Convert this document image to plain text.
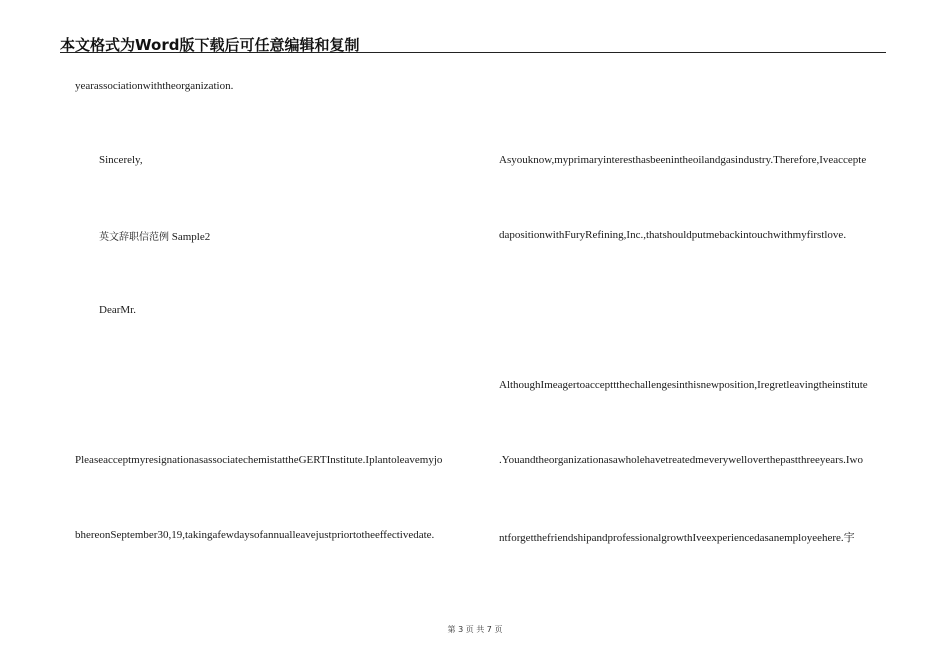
本文格式为Word版下载后可任意编辑和复制
yearassociationwiththeorganization.
Sincerely,
英文辞职信范例 Sample2
DearMr.
PleaseacceptmyresignationasassociatechemistattheGERTInstitute.Iplantoleavemyjo
bhereonSeptember30,19,takingafewdaysofannualleavejustpriortotheeffectivedate.
Asyouknow,myprimaryinteresthasbeenintheoilandgasindustry.Therefore,Iveaccepte
dapositionwithFuryRefining,Inc.,thatshouldputmebackintouchwithmyfirstlove.
AlthoughImeagertoaccepttthechallengesinthisnewposition,Iregretleavingtheinstitute
.Youandtheorganizationasawholehavetreatedmeverywelloverthepastthreeyears.Iwo
ntforgetthefriendshipandprofessionalgrowthIveexperiencedasanemployeehere.宇
第 3 页 共 7 页
